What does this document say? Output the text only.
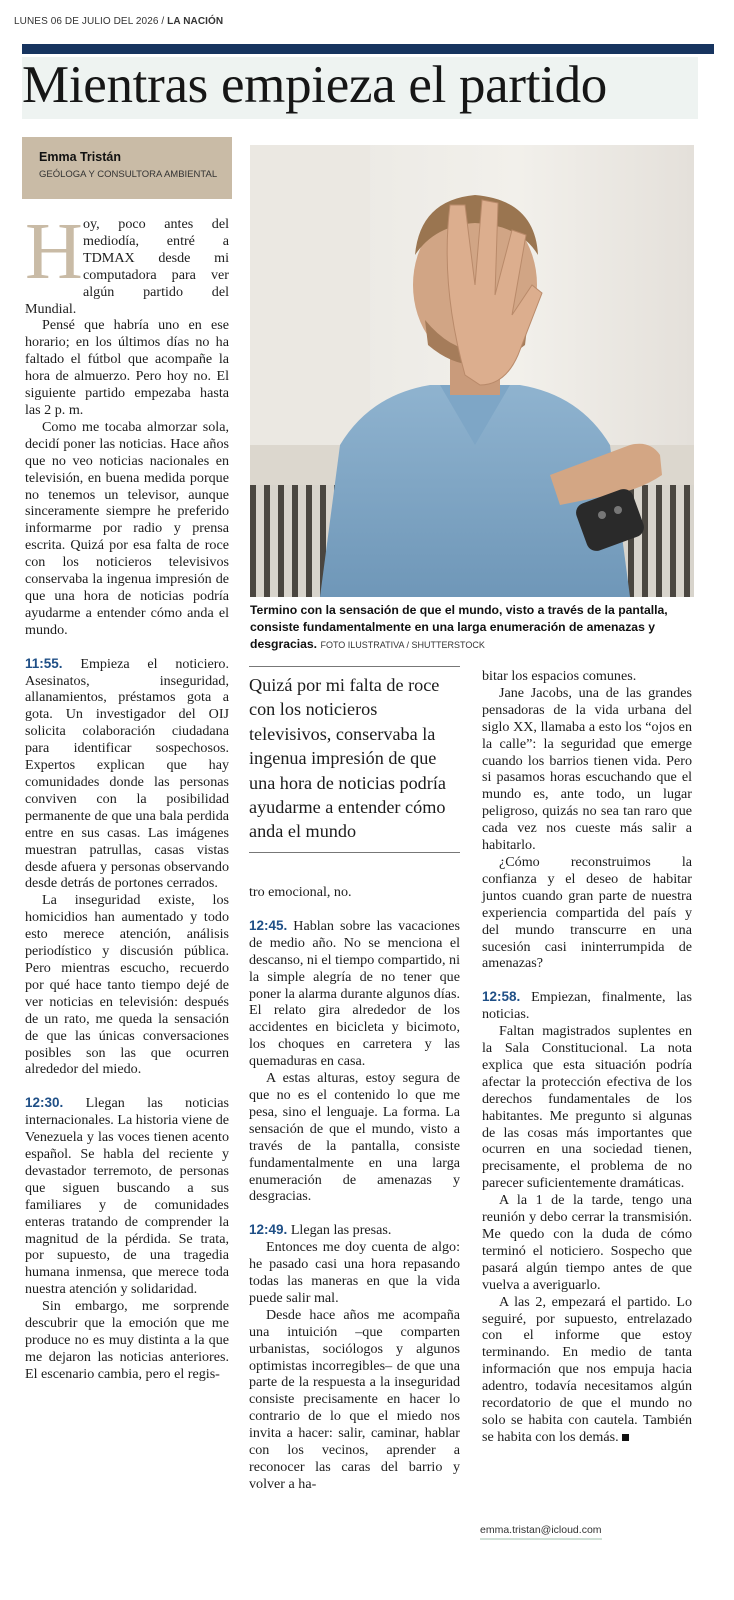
LUNES 06 DE JULIO DEL 2026 / LA NACIÓN
Mientras empieza el partido
Emma Tristán
GEÓLOGA Y CONSULTORA AMBIENTAL
Termino con la sensación de que el mundo, visto a través de la pantalla, consiste fundamentalmente en una larga enumeración de amenazas y desgracias. FOTO ILUSTRATIVA / SHUTTERSTOCK

Hoy, poco antes del mediodía, entré a TDMAX desde mi computadora para ver algún partido del Mundial.

Pensé que habría uno en ese horario; en los últimos días no ha faltado el fútbol que acompañe la hora de almuerzo. Pero hoy no. El siguiente partido empezaba hasta las 2 p. m.

Como me tocaba almorzar sola, decidí poner las noticias. Hace años que no veo noticias nacionales en televisión, en buena medida porque no tenemos un televisor, aunque sinceramente siempre he preferido informarme por radio y prensa escrita. Quizá por esa falta de roce con los noticieros televisivos conservaba la ingenua impresión de que una hora de noticias podría ayudarme a entender cómo anda el mundo.

11:55. Empieza el noticiero. Asesinatos, inseguridad, allanamientos, préstamos gota a gota. Un investigador del OIJ solicita colaboración ciudadana para identificar sospechosos. Expertos explican que hay comunidades donde las personas conviven con la posibilidad permanente de que una bala perdida entre en sus casas. Las imágenes muestran patrullas, casas vistas desde afuera y personas observando desde detrás de portones cerrados.

La inseguridad existe, los homicidios han aumentado y todo esto merece atención, análisis periodístico y discusión pública. Pero mientras escucho, recuerdo por qué hace tanto tiempo dejé de ver noticias en televisión: después de un rato, me queda la sensación de que las únicas conversaciones posibles son las que ocurren alrededor del miedo.

12:30. Llegan las noticias internacionales. La historia viene de Venezuela y las voces tienen acento español. Se habla del reciente y devastador terremoto, de personas que siguen buscando a sus familiares y de comunidades enteras tratando de comprender la magnitud de la pérdida. Se trata, por supuesto, de una tragedia humana inmensa, que merece toda nuestra atención y solidaridad.

Sin embargo, me sorprende descubrir que la emoción que me produce no es muy distinta a la que me dejaron las noticias anteriores. El escenario cambia, pero el regis-

Quizá por mi falta de roce con los noticieros televisivos, conservaba la ingenua impresión de que una hora de noticias podría ayudarme a entender cómo anda el mundo

tro emocional, no.

12:45. Hablan sobre las vacaciones de medio año. No se menciona el descanso, ni el tiempo compartido, ni la simple alegría de no tener que poner la alarma durante algunos días. El relato gira alrededor de los accidentes en bicicleta y bicimoto, los choques en carretera y las quemaduras en casa.

A estas alturas, estoy segura de que no es el contenido lo que me pesa, sino el lenguaje. La forma. La sensación de que el mundo, visto a través de la pantalla, consiste fundamentalmente en una larga enumeración de amenazas y desgracias.

12:49. Llegan las presas.

Entonces me doy cuenta de algo: he pasado casi una hora repasando todas las maneras en que la vida puede salir mal.

Desde hace años me acompaña una intuición –que comparten urbanistas, sociólogos y algunos optimistas incorregibles– de que una parte de la respuesta a la inseguridad consiste precisamente en hacer lo contrario de lo que el miedo nos invita a hacer: salir, caminar, hablar con los vecinos, aprender a reconocer las caras del barrio y volver a ha-

bitar los espacios comunes.

Jane Jacobs, una de las grandes pensadoras de la vida urbana del siglo XX, llamaba a esto los “ojos en la calle”: la seguridad que emerge cuando los barrios tienen vida. Pero si pasamos horas escuchando que el mundo es, ante todo, un lugar peligroso, quizás no sea tan raro que cada vez nos cueste más salir a habitarlo.

¿Cómo reconstruimos la confianza y el deseo de habitar juntos cuando gran parte de nuestra experiencia compartida del país y del mundo transcurre en una sucesión casi ininterrumpida de amenazas?

12:58. Empiezan, finalmente, las noticias.

Faltan magistrados suplentes en la Sala Constitucional. La nota explica que esta situación podría afectar la protección efectiva de los derechos fundamentales de los habitantes. Me pregunto si algunas de las cosas más importantes que ocurren en una sociedad tienen, precisamente, el problema de no parecer suficientemente dramáticas.

A la 1 de la tarde, tengo una reunión y debo cerrar la transmisión. Me quedo con la duda de cómo terminó el noticiero. Sospecho que pasará algún tiempo antes de que vuelva a averiguarlo.

A las 2, empezará el partido. Lo seguiré, por supuesto, entrelazado con el informe que estoy terminando. En medio de tanta información que nos empuja hacia adentro, todavía necesitamos algún recordatorio de que el mundo no solo se habita con cautela. También se habita con los demás.

emma.tristan@icloud.com
